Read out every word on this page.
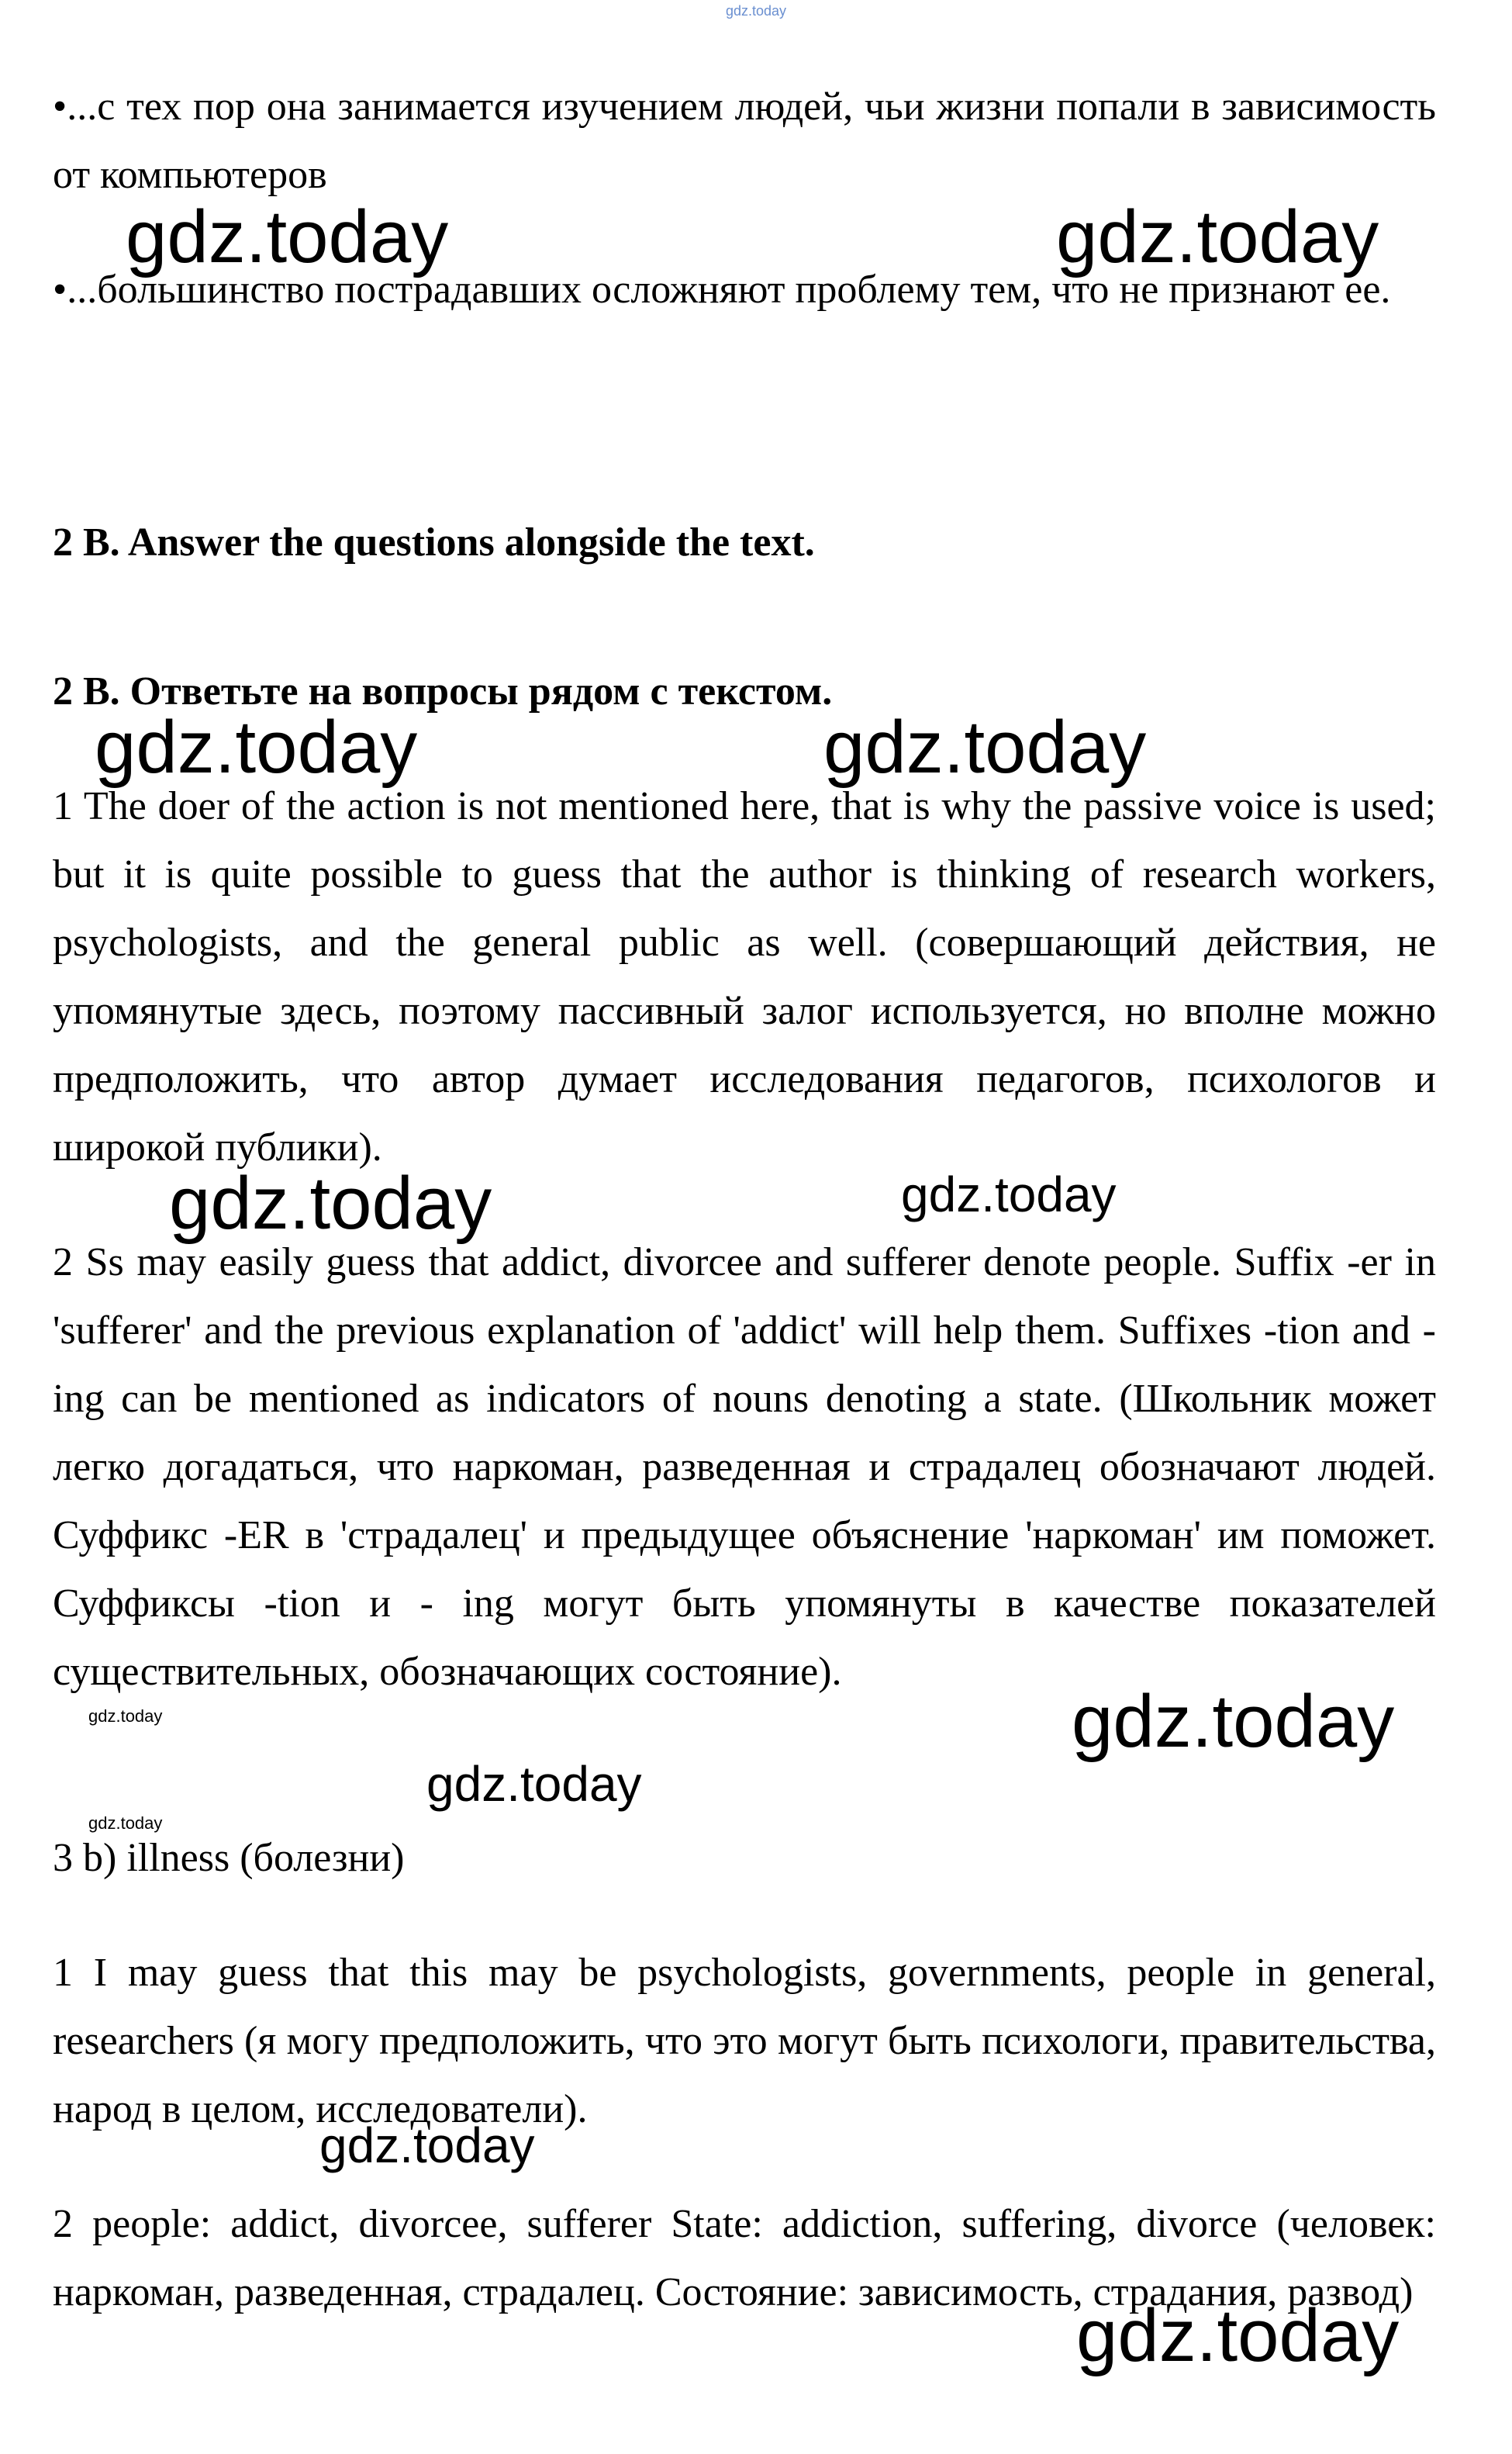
gdz.today

•...с тех пор она занимается изучением людей, чьи жизни попали в зависимость от компьютеров

gdz.today	gdz.today

•...большинство пострадавших осложняют проблему тем, что не признают ее.

2 B. Answer the questions alongside the text.

2 В. Ответьте на вопросы рядом с текстом.

gdz.today	gdz.today

1 The doer of the action is not mentioned here, that is why the passive voice is used; but it is quite possible to guess that the author is thinking of research workers, psychologists, and the general public as well. (совершающий действия, не упомянутые здесь, поэтому пассивный залог используется, но вполне можно предположить, что автор думает исследования педагогов, психологов и широкой публики).

gdz.today	gdz.today

2 Ss may easily guess that addict, divorcee and sufferer denote people. Suffix -er in 'sufferer' and the previous explanation of 'addict' will help them. Suffixes -tion and -ing can be mentioned as indicators of nouns denoting a state. (Школьник может легко догадаться, что наркоман, разведенная и страдалец обозначают людей. Суффикс -ER в 'страдалец' и предыдущее объяснение 'наркоман' им поможет. Суффиксы -tion и - ing могут быть упомянуты в качестве показателей существительных, обозначающих состояние).

gdz.today	gdz.today
gdz.today
gdz.today

3 b) illness (болезни)

1 I may guess that this may be psychologists, governments, people in general, researchers (я могу предположить, что это могут быть психологи, правительства, народ в целом, исследователи).

gdz.today

2 people: addict, divorcee, sufferer State: addiction, suffering, divorce (человек: наркоман, разведенная, страдалец. Состояние: зависимость, страдания, развод)

gdz.today
